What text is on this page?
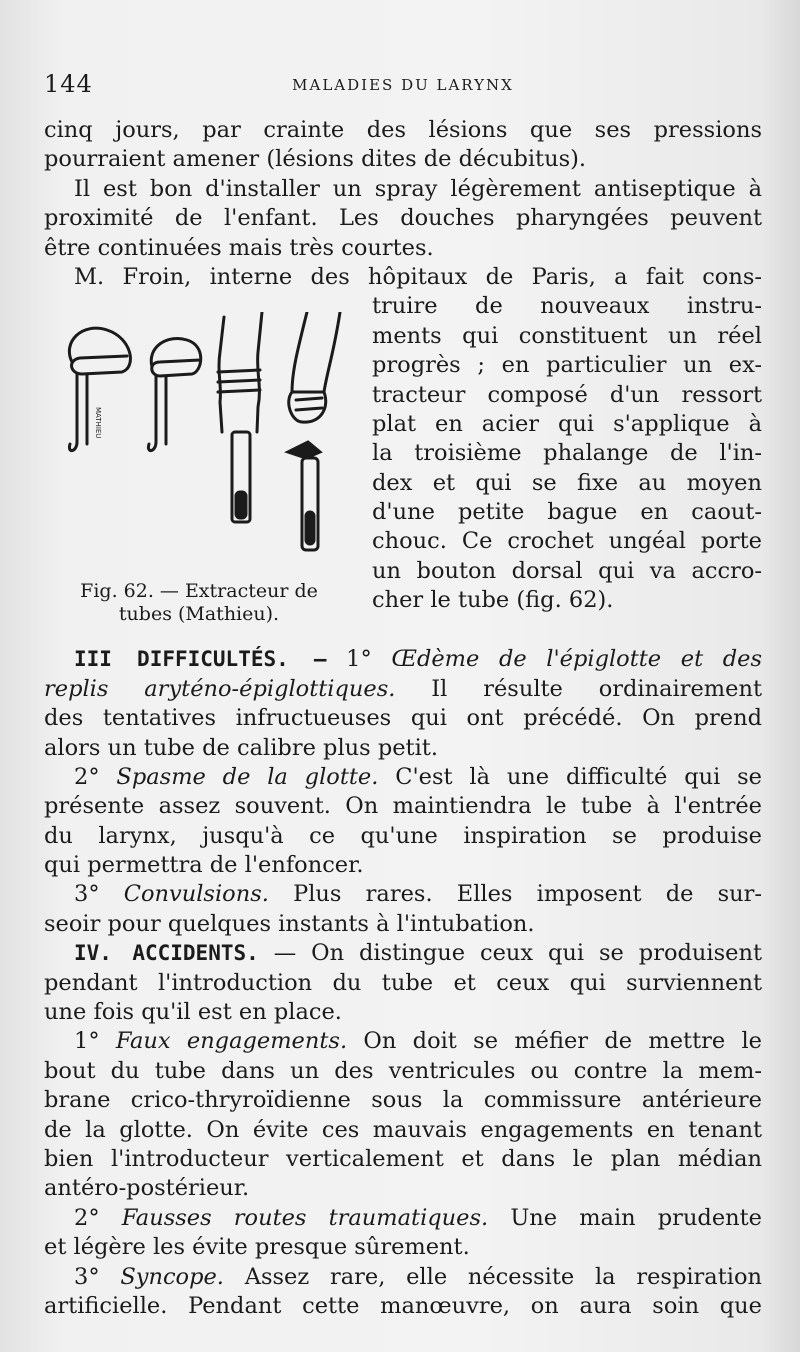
144	MALADIES DU LARYNX
cinq jours, par crainte des lésions que ses pressions
pourraient amener (lésions dites de décubitus).
Il est bon d'installer un spray légèrement antiseptique à
proximité de l'enfant. Les douches pharyngées peuvent
être continuées mais très courtes.
M. Froin, interne des hôpitaux de Paris, a fait cons-
MATHIEU
Fig. 62. — Extracteur de
tubes (Mathieu).
truire de nouveaux instru-
ments qui constituent un réel
progrès ; en particulier un ex-
tracteur composé d'un ressort
plat en acier qui s'applique à
la troisième phalange de l'in-
dex et qui se fixe au moyen
d'une petite bague en caout-
chouc. Ce crochet ungéal porte
un bouton dorsal qui va accro-
cher le tube (fig. 62).
III DIFFICULTÉS. — 1° Œdème de l'épiglotte et des
replis aryténo-épiglottiques. Il résulte ordinairement
des tentatives infructueuses qui ont précédé. On prend
alors un tube de calibre plus petit.
2° Spasme de la glotte. C'est là une difficulté qui se
présente assez souvent. On maintiendra le tube à l'entrée
du larynx, jusqu'à ce qu'une inspiration se produise
qui permettra de l'enfoncer.
3° Convulsions. Plus rares. Elles imposent de sur-
seoir pour quelques instants à l'intubation.
IV. ACCIDENTS. — On distingue ceux qui se produisent
pendant l'introduction du tube et ceux qui surviennent
une fois qu'il est en place.
1° Faux engagements. On doit se méfier de mettre le
bout du tube dans un des ventricules ou contre la mem-
brane crico-thryroïdienne sous la commissure antérieure
de la glotte. On évite ces mauvais engagements en tenant
bien l'introducteur verticalement et dans le plan médian
antéro-postérieur.
2° Fausses routes traumatiques. Une main prudente
et légère les évite presque sûrement.
3° Syncope. Assez rare, elle nécessite la respiration
artificielle. Pendant cette manœuvre, on aura soin que
